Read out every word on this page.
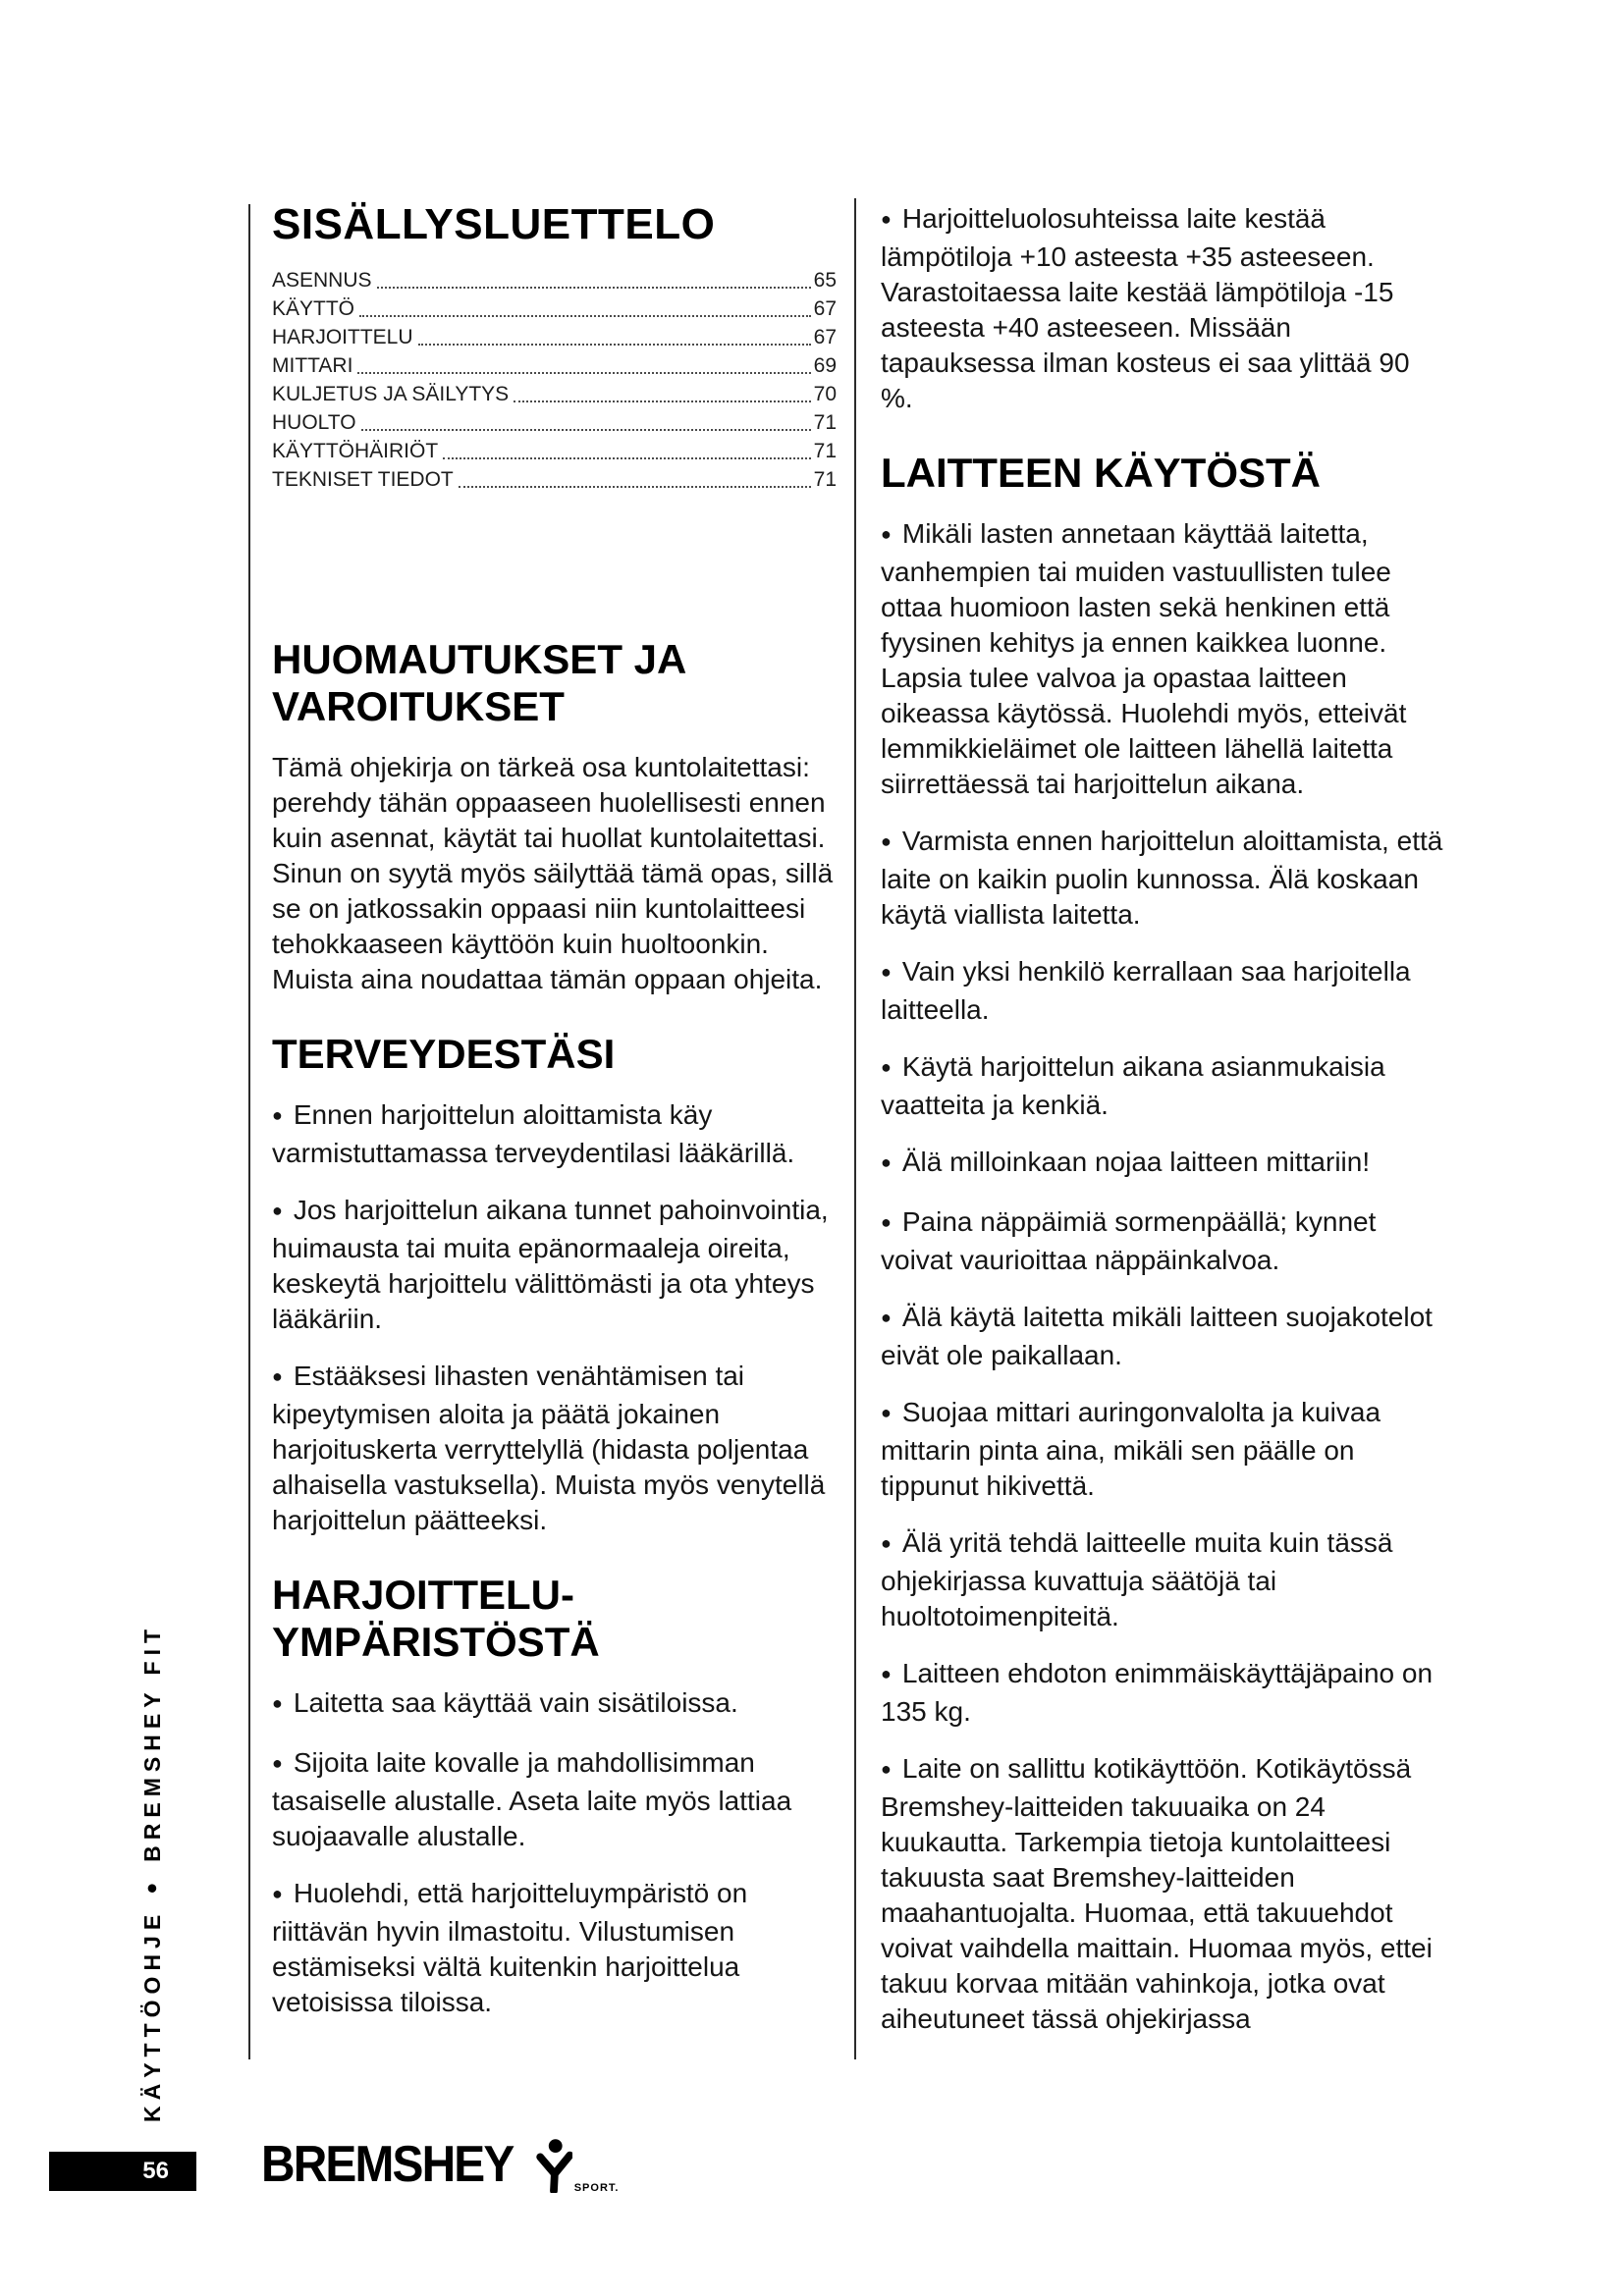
SISÄLLYSLUETTELO
ASENNUS	65
KÄYTTÖ	67
HARJOITTELU	67
MITTARI	69
KULJETUS JA SÄILYTYS	70
HUOLTO	71
KÄYTTÖHÄIRIÖT	71
TEKNISET TIEDOT	71
HUOMAUTUKSET JA VAROITUKSET

Tämä ohjekirja on tärkeä osa kuntolaitettasi: perehdy tähän oppaaseen huolellisesti ennen kuin asennat, käytät tai huollat kuntolaitettasi. Sinun on syytä myös säilyttää tämä opas, sillä se on jatkossakin oppaasi niin kuntolaitteesi tehokkaaseen käyttöön kuin huoltoonkin. Muista aina noudattaa tämän oppaan ohjeita.

TERVEYDESTÄSI

● Ennen harjoittelun aloittamista käy varmistuttamassa terveydentilasi lääkärillä.

● Jos harjoittelun aikana tunnet pahoinvointia, huimausta tai muita epänormaaleja oireita, keskeytä harjoittelu välittömästi ja ota yhteys lääkäriin.

● Estääksesi lihasten venähtämisen tai kipeytymisen aloita ja päätä jokainen harjoituskerta verryttelyllä (hidasta poljentaa alhaisella vastuksella). Muista myös venytellä harjoittelun päätteeksi.

HARJOITTELU-YMPÄRISTÖSTÄ

● Laitetta saa käyttää vain sisätiloissa.

● Sijoita laite kovalle ja mahdollisimman tasaiselle alustalle. Aseta laite myös lattiaa suojaavalle alustalle.

● Huolehdi, että harjoitteluympäristö on riittävän hyvin ilmastoitu. Vilustumisen estämiseksi vältä kuitenkin harjoittelua vetoisissa tiloissa.

● Harjoitteluolosuhteissa laite kestää lämpötiloja +10 asteesta +35 asteeseen. Varastoitaessa laite kestää lämpötiloja -15 asteesta +40 asteeseen. Missään tapauksessa ilman kosteus ei saa ylittää 90 %.

LAITTEEN KÄYTÖSTÄ

● Mikäli lasten annetaan käyttää laitetta, vanhempien tai muiden vastuullisten tulee ottaa huomioon lasten sekä henkinen että fyysinen kehitys ja ennen kaikkea luonne. Lapsia tulee valvoa ja opastaa laitteen oikeassa käytössä. Huolehdi myös, etteivät lemmikkieläimet ole laitteen lähellä laitetta siirrettäessä tai harjoittelun aikana.

● Varmista ennen harjoittelun aloittamista, että laite on kaikin puolin kunnossa. Älä koskaan käytä viallista laitetta.

● Vain yksi henkilö kerrallaan saa harjoitella laitteella.

● Käytä harjoittelun aikana asianmukaisia vaatteita ja kenkiä.

● Älä milloinkaan nojaa laitteen mittariin!

● Paina näppäimiä sormenpäällä; kynnet voivat vaurioittaa näppäinkalvoa.

● Älä käytä laitetta mikäli laitteen suojakotelot eivät ole paikallaan.

● Suojaa mittari auringonvalolta ja kuivaa mittarin pinta aina, mikäli sen päälle on tippunut hikivettä.

● Älä yritä tehdä laitteelle muita kuin tässä ohjekirjassa kuvattuja säätöjä tai huoltotoimenpiteitä.

● Laitteen ehdoton enimmäiskäyttäjäpaino on 135 kg.

● Laite on sallittu kotikäyttöön. Kotikäytössä Bremshey-laitteiden takuuaika on 24 kuukautta. Tarkempia tietoja kuntolaitteesi takuusta saat Bremshey-laitteiden maahantuojalta. Huomaa, että takuuehdot voivat vaihdella maittain. Huomaa myös, ettei takuu korvaa mitään vahinkoja, jotka ovat aiheutuneet tässä ohjekirjassa

KÄYTTÖOHJE●BREMSHEY FIT
56 BREMSHEY	SPORT.
